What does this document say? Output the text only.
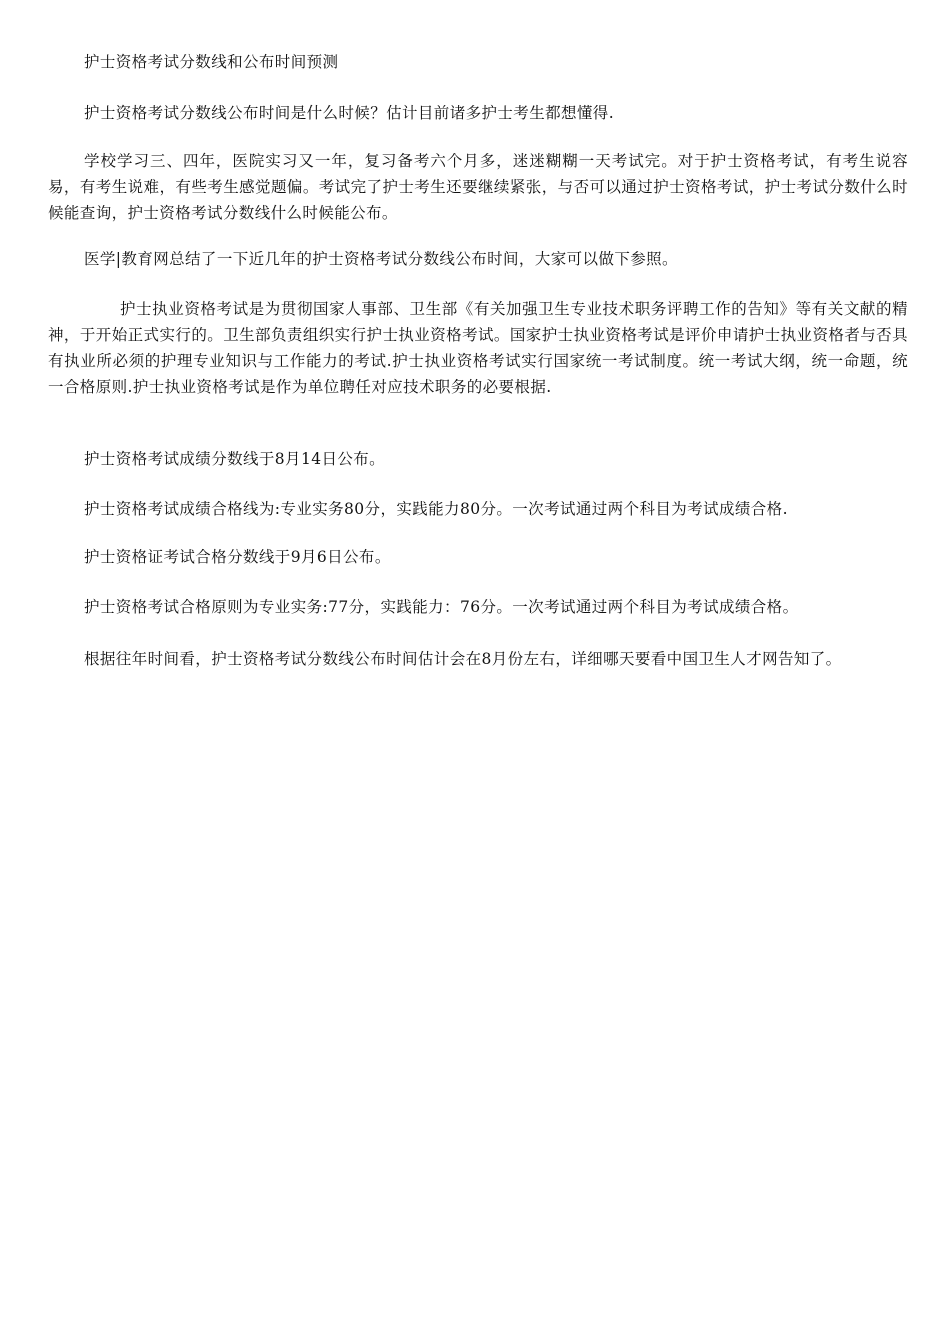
护士资格考试分数线和公布时间预测

护士资格考试分数线公布时间是什么时候？估计目前诸多护士考生都想懂得.

学校学习三、四年，医院实习又一年，复习备考六个月多，迷迷糊糊一天考试完。对于护士资格考试，有考生说容易，有考生说难，有些考生感觉题偏。考试完了护士考生还要继续紧张，与否可以通过护士资格考试，护士考试分数什么时候能查询，护士资格考试分数线什么时候能公布。

医学|教育网总结了一下近几年的护士资格考试分数线公布时间，大家可以做下参照。

护士执业资格考试是为贯彻国家人事部、卫生部《有关加强卫生专业技术职务评聘工作的告知》等有关文献的精神，于开始正式实行的。卫生部负责组织实行护士执业资格考试。国家护士执业资格考试是评价申请护士执业资格者与否具有执业所必须的护理专业知识与工作能力的考试.护士执业资格考试实行国家统一考试制度。统一考试大纲，统一命题，统一合格原则.护士执业资格考试是作为单位聘任对应技术职务的必要根据.

护士资格考试成绩分数线于8月14日公布。

护士资格考试成绩合格线为:专业实务80分，实践能力80分。一次考试通过两个科目为考试成绩合格.

护士资格证考试合格分数线于9月6日公布。

护士资格考试合格原则为专业实务:77分，实践能力：76分。一次考试通过两个科目为考试成绩合格。

根据往年时间看，护士资格考试分数线公布时间估计会在8月份左右，详细哪天要看中国卫生人才网告知了。
